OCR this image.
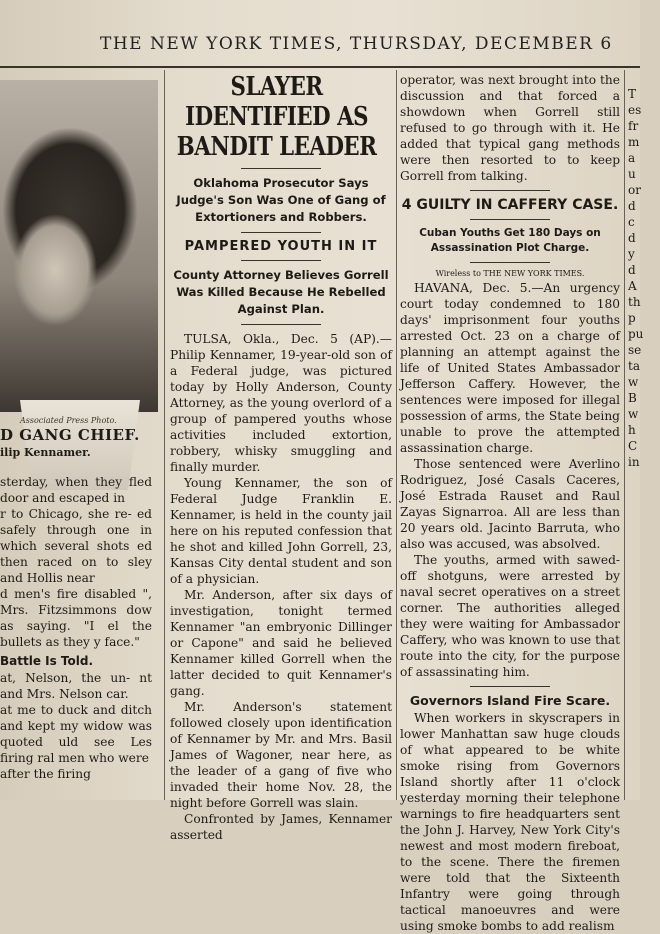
THE NEW YORK TIMES, THURSDAY, DECEMBER 6
Associated Press Photo.
D GANG CHIEF.
ilip Kennamer.

sterday, when they fled door and escaped in

r to Chicago, she re- ed safely through one in which several shots ed then raced on to sley and Hollis near

d men's fire disabled ", Mrs. Fitzsimmons dow as saying. "I el the bullets as they y face."

Battle Is Told.

at, Nelson, the un- nt and Mrs. Nelson car.

at me to duck and ditch and kept my widow was quoted uld see Les firing ral men who were

after the firing

SLAYER IDENTIFIED AS BANDIT LEADER

Oklahoma Prosecutor Says Judge's Son Was One of Gang of Extortioners and Robbers.

PAMPERED YOUTH IN IT

County Attorney Believes Gorrell Was Killed Because He Rebelled Against Plan.

TULSA, Okla., Dec. 5 (AP).—Philip Kennamer, 19-year-old son of a Federal judge, was pictured today by Holly Anderson, County Attorney, as the young overlord of a group of pampered youths whose activities included extortion, robbery, whisky smuggling and finally murder.

Young Kennamer, the son of Federal Judge Franklin E. Kennamer, is held in the county jail here on his reputed confession that he shot and killed John Gorrell, 23, Kansas City dental student and son of a physician.

Mr. Anderson, after six days of investigation, tonight termed Kennamer "an embryonic Dillinger or Capone" and said he believed Kennamer killed Gorrell when the latter decided to quit Kennamer's gang.

Mr. Anderson's statement followed closely upon identification of Kennamer by Mr. and Mrs. Basil James of Wagoner, near here, as the leader of a gang of five who invaded their home Nov. 28, the night before Gorrell was slain.

Confronted by James, Kennamer asserted

operator, was next brought into the discussion and that forced a showdown when Gorrell still refused to go through with it. He added that typical gang methods were then resorted to to keep Gorrell from talking.

4 GUILTY IN CAFFERY CASE.

Cuban Youths Get 180 Days on Assassination Plot Charge.

Wireless to THE NEW YORK TIMES.

HAVANA, Dec. 5.—An urgency court today condemned to 180 days' imprisonment four youths arrested Oct. 23 on a charge of planning an attempt against the life of United States Ambassador Jefferson Caffery. However, the sentences were imposed for illegal possession of arms, the State being unable to prove the attempted assassination charge.

Those sentenced were Averlino Rodriguez, José Casals Caceres, José Estrada Rauset and Raul Zayas Signarroa. All are less than 20 years old. Jacinto Barruta, who also was accused, was absolved.

The youths, armed with sawed-off shotguns, were arrested by naval secret operatives on a street corner. The authorities alleged they were waiting for Ambassador Caffery, who was known to use that route into the city, for the purpose of assassinating him.

Governors Island Fire Scare.

When workers in skyscrapers in lower Manhattan saw huge clouds of what appeared to be white smoke rising from Governors Island shortly after 11 o'clock yesterday morning their telephone warnings to fire headquarters sent the John J. Harvey, New York City's newest and most modern fireboat, to the scene. There the firemen were told that the Sixteenth Infantry were going through tactical manoeuvres and were using smoke bombs to add realism

T
es
fr
m
a
u
or
d
c
d
y
d
A
th
p
pu
se
ta
w
B
w
h
C
in
